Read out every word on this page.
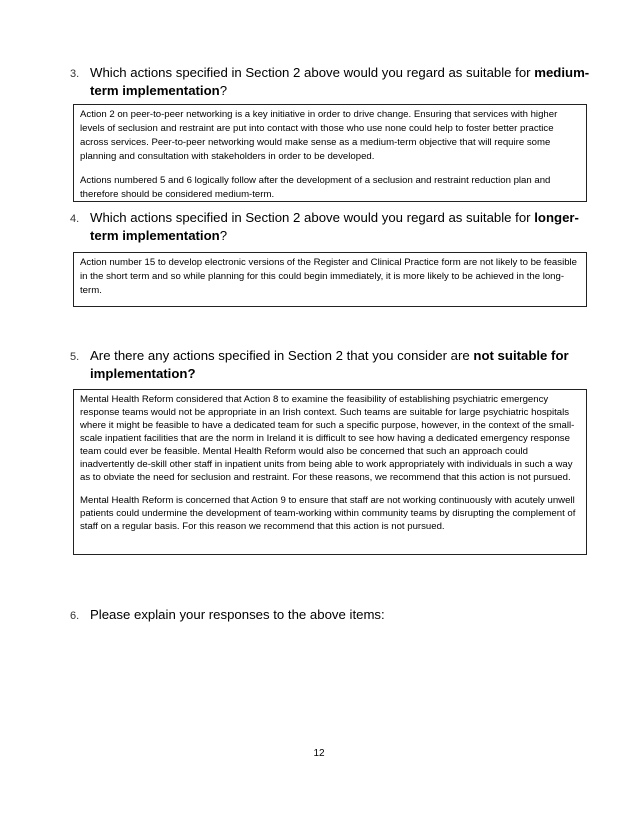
3. Which actions specified in Section 2 above would you regard as suitable for medium-term implementation?

Action 2 on peer-to-peer networking is a key initiative in order to drive change. Ensuring that services with higher levels of seclusion and restraint are put into contact with those who use none could help to foster better practice across services. Peer-to-peer networking would make sense as a medium-term objective that will require some planning and consultation with stakeholders in order to be developed.

Actions numbered 5 and 6 logically follow after the development of a seclusion and restraint reduction plan and therefore should be considered medium-term.

4. Which actions specified in Section 2 above would you regard as suitable for longer-term implementation?

Action number 15 to develop electronic versions of the Register and Clinical Practice form are not likely to be feasible in the short term and so while planning for this could begin immediately, it is more likely to be achieved in the long-term.

5. Are there any actions specified in Section 2 that you consider are not suitable for implementation?

Mental Health Reform considered that Action 8 to examine the feasibility of establishing psychiatric emergency response teams would not be appropriate in an Irish context. Such teams are suitable for large psychiatric hospitals where it might be feasible to have a dedicated team for such a specific purpose, however, in the context of the small-scale inpatient facilities that are the norm in Ireland it is difficult to see how having a dedicated emergency response team could ever be feasible. Mental Health Reform would also be concerned that such an approach could inadvertently de-skill other staff in inpatient units from being able to work appropriately with individuals in such a way as to obviate the need for seclusion and restraint. For these reasons, we recommend that this action is not pursued.

Mental Health Reform is concerned that Action 9 to ensure that staff are not working continuously with acutely unwell patients could undermine the development of team-working within community teams by disrupting the complement of staff on a regular basis. For this reason we recommend that this action is not pursued.

6. Please explain your responses to the above items:
12
